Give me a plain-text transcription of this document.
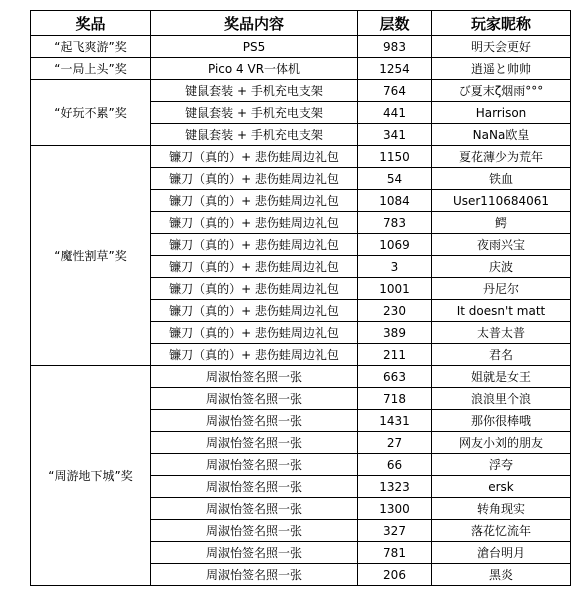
奖品	奖品内容	层数	玩家昵称
“起飞爽游”奖	PS5	983	明天会更好
“一局上头”奖	Pico 4 VR一体机	1254	逍遥と帅帅
“好玩不累”奖	键鼠套装 + 手机充电支架	764	び夏末ζ烟雨°°°
	键鼠套装 + 手机充电支架	441	Harrison
	键鼠套装 + 手机充电支架	341	NaNa欧皇
“魔性割草”奖	镰刀（真的）+ 悲伤蛙周边礼包	1150	夏花薄少为荒年
	镰刀（真的）+ 悲伤蛙周边礼包	54	铁血
	镰刀（真的）+ 悲伤蛙周边礼包	1084	User110684061
	镰刀（真的）+ 悲伤蛙周边礼包	783	鳄
	镰刀（真的）+ 悲伤蛙周边礼包	1069	夜雨兴宝
	镰刀（真的）+ 悲伤蛙周边礼包	3	庆波
	镰刀（真的）+ 悲伤蛙周边礼包	1001	丹尼尔
	镰刀（真的）+ 悲伤蛙周边礼包	230	It doesn't matt
	镰刀（真的）+ 悲伤蛙周边礼包	389	太普太普
	镰刀（真的）+ 悲伤蛙周边礼包	211	君名
“周游地下城”奖	周淑怡签名照一张	663	姐就是女王
	周淑怡签名照一张	718	浪浪里个浪
	周淑怡签名照一张	1431	那你很棒哦
	周淑怡签名照一张	27	网友小刘的朋友
	周淑怡签名照一张	66	浮夸
	周淑怡签名照一张	1323	ersk
	周淑怡签名照一张	1300	转角现实
	周淑怡签名照一张	327	落花忆流年
	周淑怡签名照一张	781	滄台明月
	周淑怡签名照一张	206	黑炎
